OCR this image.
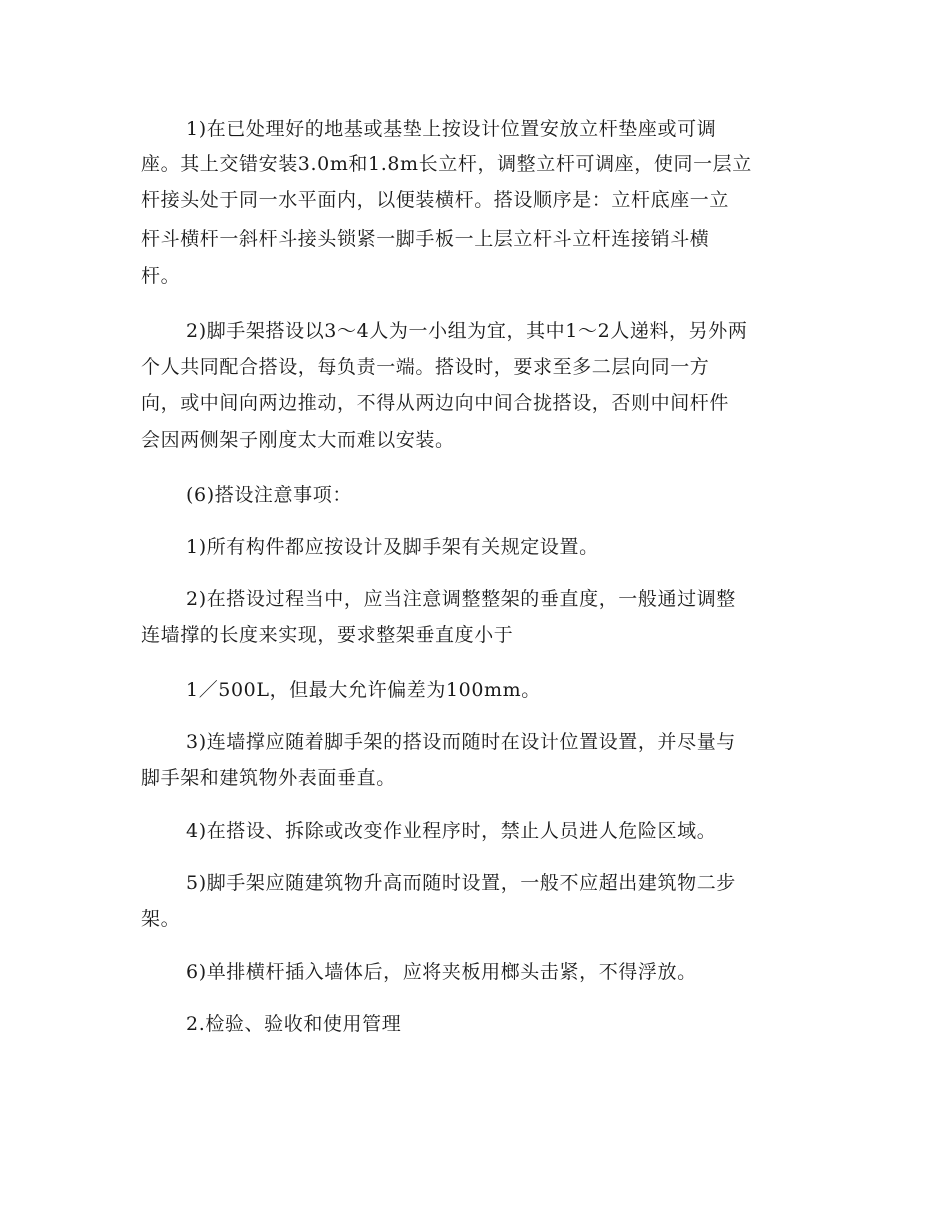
1)在已处理好的地基或基垫上按设计位置安放立杆垫座或可调
座。其上交错安装3.0m和1.8m长立杆，调整立杆可调座，使同一层立
杆接头处于同一水平面内，以便装横杆。搭设顺序是：立杆底座一立
杆斗横杆一斜杆斗接头锁紧一脚手板一上层立杆斗立杆连接销斗横
杆。
2)脚手架搭设以3～4人为一小组为宜，其中1～2人递料，另外两
个人共同配合搭设，每负责一端。搭设时，要求至多二层向同一方
向，或中间向两边推动，不得从两边向中间合拢搭设，否则中间杆件
会因两侧架子刚度太大而难以安装。
(6)搭设注意事项：
1)所有构件都应按设计及脚手架有关规定设置。
2)在搭设过程当中，应当注意调整整架的垂直度，一般通过调整
连墙撑的长度来实现，要求整架垂直度小于
1／500L，但最大允许偏差为100mm。
3)连墙撑应随着脚手架的搭设而随时在设计位置设置，并尽量与
脚手架和建筑物外表面垂直。
4)在搭设、拆除或改变作业程序时，禁止人员进人危险区域。
5)脚手架应随建筑物升高而随时设置，一般不应超出建筑物二步
架。
6)单排横杆插入墙体后，应将夹板用榔头击紧，不得浮放。
2.检验、验收和使用管理
